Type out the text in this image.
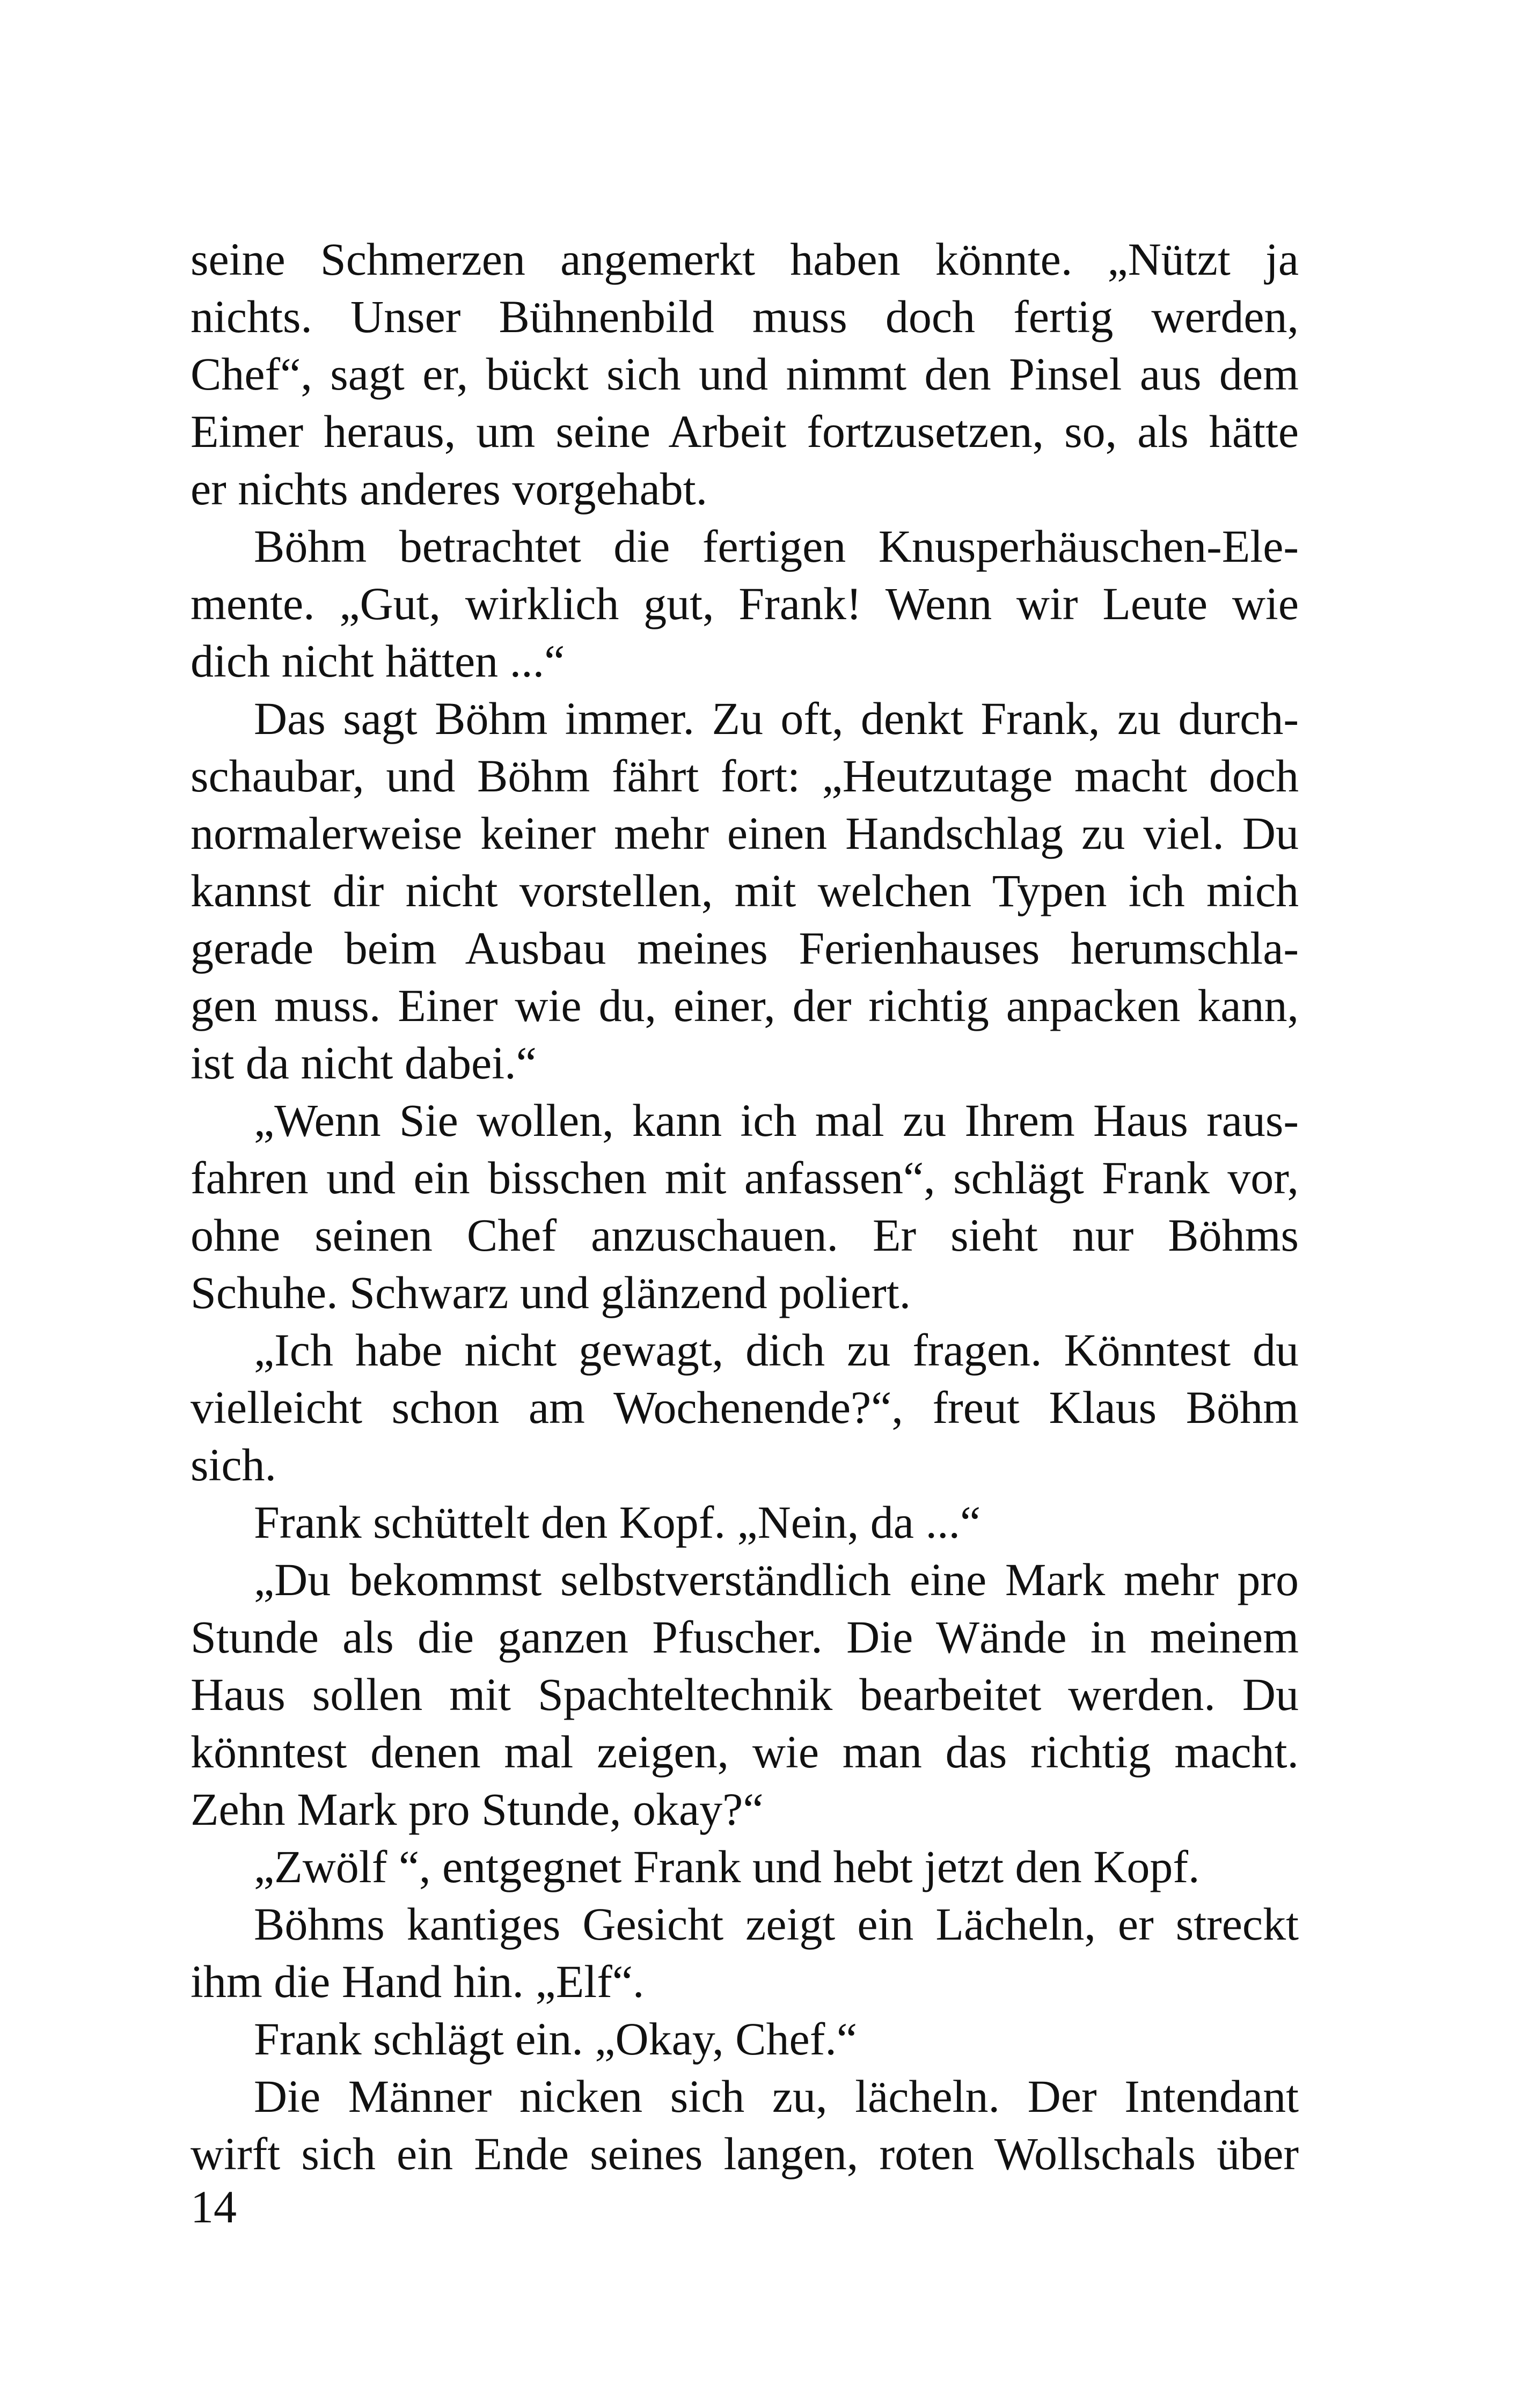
seine Schmerzen angemerkt haben könnte. „Nützt ja
nichts. Unser Bühnenbild muss doch fertig werden,
Chef“, sagt er, bückt sich und nimmt den Pinsel aus dem
Eimer heraus, um seine Arbeit fortzusetzen, so, als hätte
er nichts anderes vorgehabt.
Böhm betrachtet die fertigen Knusperhäuschen-Ele-
mente. „Gut, wirklich gut, Frank! Wenn wir Leute wie
dich nicht hätten ...“
Das sagt Böhm immer. Zu oft, denkt Frank, zu durch-
schaubar, und Böhm fährt fort: „Heutzutage macht doch
normalerweise keiner mehr einen Handschlag zu viel. Du
kannst dir nicht vorstellen, mit welchen Typen ich mich
gerade beim Ausbau meines Ferienhauses herumschla-
gen muss. Einer wie du, einer, der richtig anpacken kann,
ist da nicht dabei.“
„Wenn Sie wollen, kann ich mal zu Ihrem Haus raus-
fahren und ein bisschen mit anfassen“, schlägt Frank vor,
ohne seinen Chef anzuschauen. Er sieht nur Böhms
Schuhe. Schwarz und glänzend poliert.
„Ich habe nicht gewagt, dich zu fragen. Könntest du
vielleicht schon am Wochenende?“, freut Klaus Böhm
sich.
Frank schüttelt den Kopf. „Nein, da ...“
„Du bekommst selbstverständlich eine Mark mehr pro
Stunde als die ganzen Pfuscher. Die Wände in meinem
Haus sollen mit Spachteltechnik bearbeitet werden. Du
könntest denen mal zeigen, wie man das richtig macht.
Zehn Mark pro Stunde, okay?“
„Zwölf “, entgegnet Frank und hebt jetzt den Kopf.
Böhms kantiges Gesicht zeigt ein Lächeln, er streckt
ihm die Hand hin. „Elf“.
Frank schlägt ein. „Okay, Chef.“
Die Männer nicken sich zu, lächeln. Der Intendant
wirft sich ein Ende seines langen, roten Wollschals über
14
